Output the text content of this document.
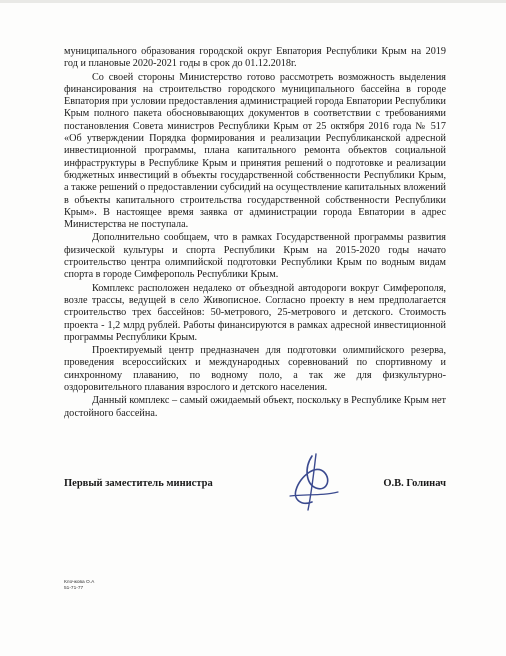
муниципального образования городской округ Евпатория Республики Крым на 2019 год и плановые 2020-2021 годы в срок до 01.12.2018г.

Со своей стороны Министерство готово рассмотреть возможность выделения финансирования на строительство городского муниципального бассейна в городе Евпатория при условии предоставления администрацией города Евпатории Республики Крым полного пакета обосновывающих документов в соответствии с требованиями постановления Совета министров Республики Крым от 25 октября 2016 года № 517 «Об утверждении Порядка формирования и реализации Республиканской адресной инвестиционной программы, плана капитального ремонта объектов социальной инфраструктуры в Республике Крым и принятия решений о подготовке и реализации бюджетных инвестиций в объекты государственной собственности Республики Крым, а также решений о предоставлении субсидий на осуществление капитальных вложений в объекты капитального строительства государственной собственности Республики Крым». В настоящее время заявка от администрации города Евпатории в адрес Министерства не поступала.

Дополнительно сообщаем, что в рамках Государственной программы развития физической культуры и спорта Республики Крым на 2015-2020 годы начато строительство центра олимпийской подготовки Республики Крым по водным видам спорта в городе Симферополь Республики Крым.

Комплекс расположен недалеко от объездной автодороги вокруг Симферополя, возле трассы, ведущей в село Живописное. Согласно проекту в нем предполагается строительство трех бассейнов: 50-метрового, 25-метрового и детского. Стоимость проекта - 1,2 млрд рублей. Работы финансируются в рамках адресной инвестиционной программы Республики Крым.

Проектируемый центр предназначен для подготовки олимпийского резерва, проведения всероссийских и международных соревнований по спортивному и синхронному плаванию, по водному поло, а так же для физкультурно-оздоровительного плавания взрослого и детского населения.

Данный комплекс – самый ожидаемый объект, поскольку в Республике Крым нет достойного бассейна.

Первый заместитель министра	О.В. Голинач
Клочкова О.А
51-71-77
